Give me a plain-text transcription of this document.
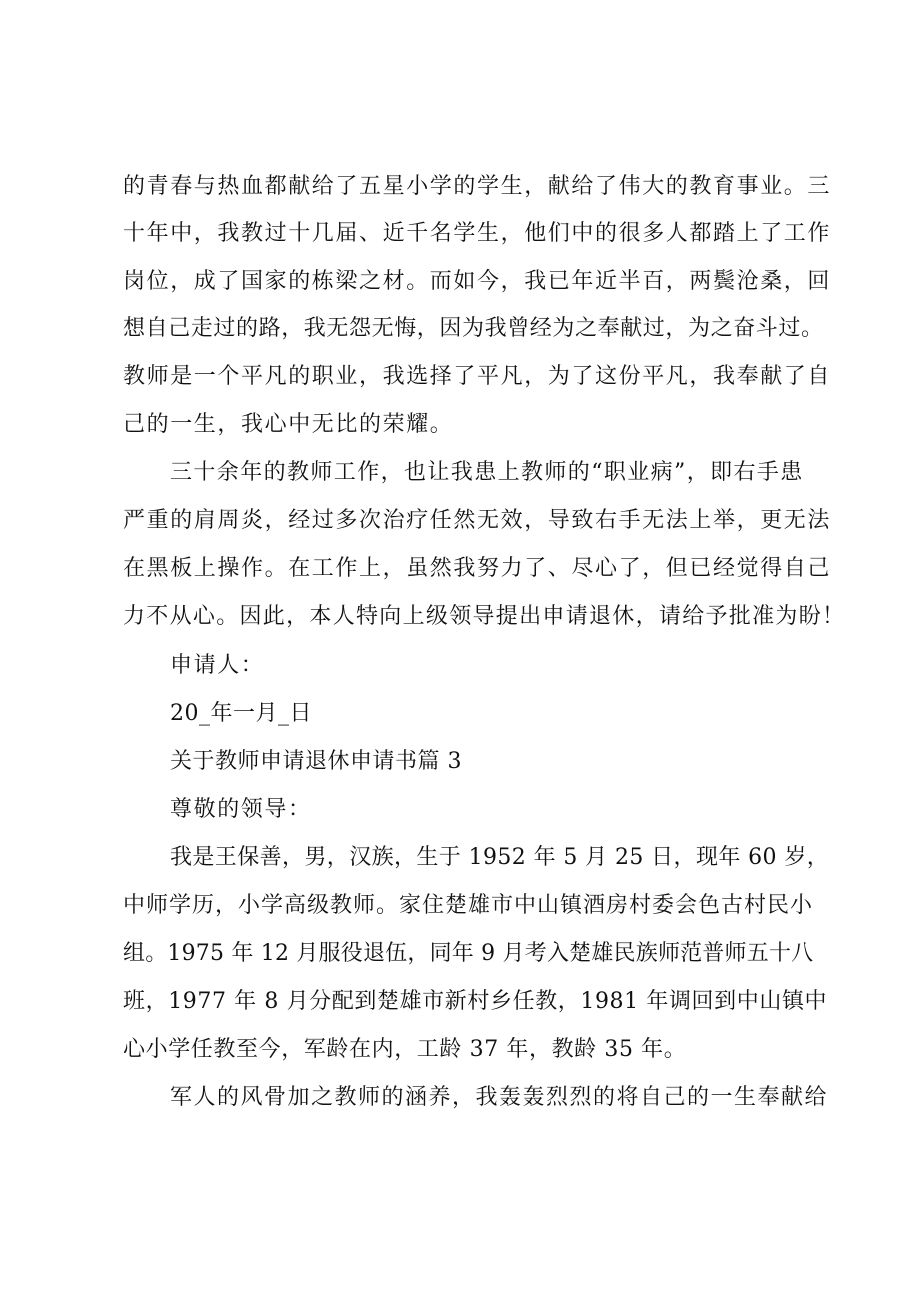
的青春与热血都献给了五星小学的学生，献给了伟大的教育事业。三
十年中，我教过十几届、近千名学生，他们中的很多人都踏上了工作
岗位，成了国家的栋梁之材。而如今，我已年近半百，两鬓沧桑，回
想自己走过的路，我无怨无悔，因为我曾经为之奉献过，为之奋斗过。
教师是一个平凡的职业，我选择了平凡，为了这份平凡，我奉献了自
己的一生，我心中无比的荣耀。
三十余年的教师工作，也让我患上教师的“职业病”，即右手患
严重的肩周炎，经过多次治疗任然无效，导致右手无法上举，更无法
在黑板上操作。在工作上，虽然我努力了、尽心了，但已经觉得自己
力不从心。因此，本人特向上级领导提出申请退休，请给予批准为盼！
申请人：
20_年一月_日
关于教师申请退休申请书篇 3
尊敬的领导：
我是王保善，男，汉族，生于 1952 年 5 月 25 日，现年 60 岁，
中师学历，小学高级教师。家住楚雄市中山镇酒房村委会色古村民小
组。1975 年 12 月服役退伍，同年 9 月考入楚雄民族师范普师五十八
班，1977 年 8 月分配到楚雄市新村乡任教，1981 年调回到中山镇中
心小学任教至今，军龄在内，工龄 37 年，教龄 35 年。
军人的风骨加之教师的涵养，我轰轰烈烈的将自己的一生奉献给
